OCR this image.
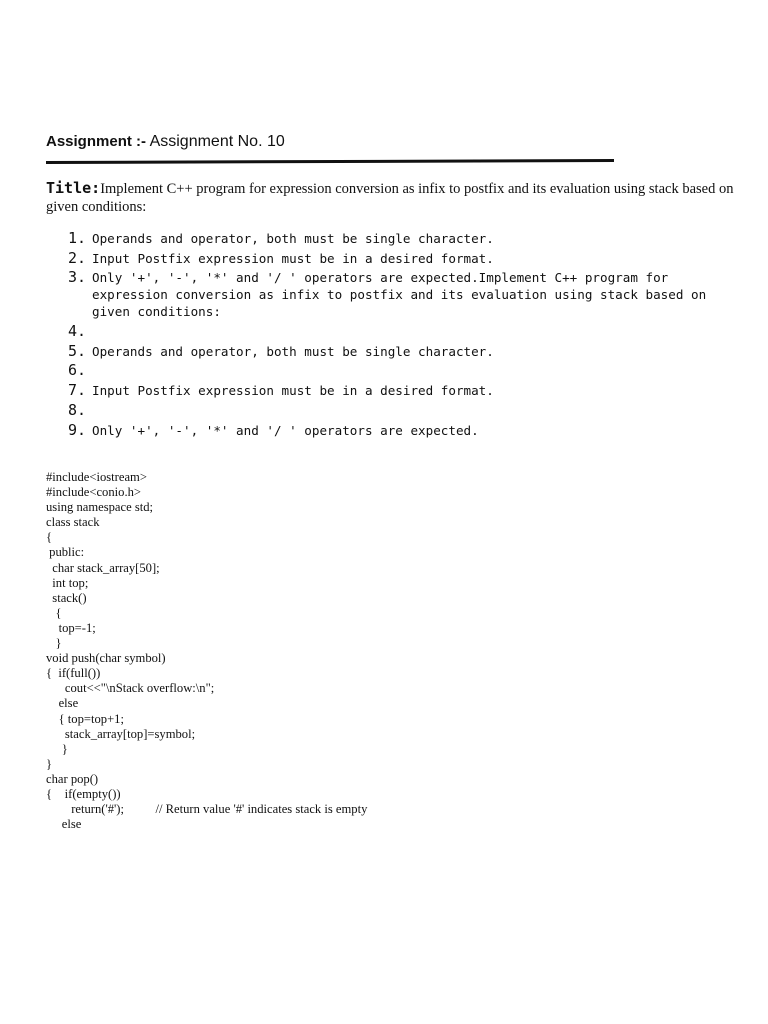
Assignment :- Assignment No. 10
Title:Implement C++ program for expression conversion as infix to postfix and its evaluation using stack based on given conditions:
1. Operands and operator, both must be single character.
2. Input Postfix expression must be in a desired format.
3. Only '+', '-', '*' and '/ ' operators are expected.Implement C++ program for expression conversion as infix to postfix and its evaluation using stack based on given conditions:
4.
5. Operands and operator, both must be single character.
6.
7. Input Postfix expression must be in a desired format.
8.
9. Only '+', '-', '*' and '/ ' operators are expected.
#include<iostream>
#include<conio.h>
using namespace std;
class stack
{
public:
char stack_array[50];
int top;
stack()
{
top=-1;
}
void push(char symbol)
{  if(full())
cout<<"\nStack overflow:\n";
else
{ top=top+1;
stack_array[top]=symbol;
}
}
char pop()
{    if(empty())
return('#');          // Return value '#' indicates stack is empty
else
